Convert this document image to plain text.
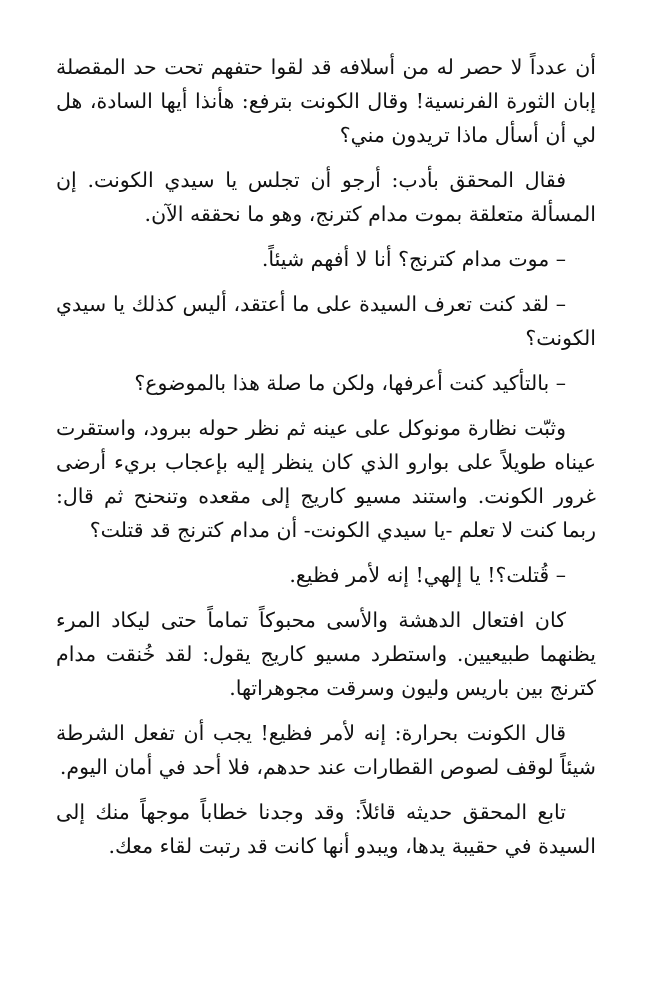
أن عدداً لا حصر له من أسلافه قد لقوا حتفهم تحت حد المقصلة إبان الثورة الفرنسية! وقال الكونت بترفع: هأنذا أيها السادة، هل لي أن أسأل ماذا تريدون مني؟

فقال المحقق بأدب: أرجو أن تجلس يا سيدي الكونت. إن المسألة متعلقة بموت مدام كترنج، وهو ما نحققه الآن.

– موت مدام كترنج؟ أنا لا أفهم شيئاً.

– لقد كنت تعرف السيدة على ما أعتقد، أليس كذلك يا سيدي الكونت؟

– بالتأكيد كنت أعرفها، ولكن ما صلة هذا بالموضوع؟

وثبّت نظارة مونوكل على عينه ثم نظر حوله ببرود، واستقرت عيناه طويلاً على بوارو الذي كان ينظر إليه بإعجاب بريء أرضى غرور الكونت. واستند مسيو كاريج إلى مقعده وتنحنح ثم قال: ربما كنت لا تعلم -يا سيدي الكونت- أن مدام كترنج قد قتلت؟

– قُتلت؟! يا إلهي! إنه لأمر فظيع.

كان افتعال الدهشة والأسى محبوكاً تماماً حتى ليكاد المرء يظنهما طبيعيين. واستطرد مسيو كاريج يقول: لقد خُنقت مدام كترنج بين باريس وليون وسرقت مجوهراتها.

قال الكونت بحرارة: إنه لأمر فظيع! يجب أن تفعل الشرطة شيئاً لوقف لصوص القطارات عند حدهم، فلا أحد في أمان اليوم.

تابع المحقق حديثه قائلاً: وقد وجدنا خطاباً موجهاً منك إلى السيدة في حقيبة يدها، ويبدو أنها كانت قد رتبت لقاء معك.
